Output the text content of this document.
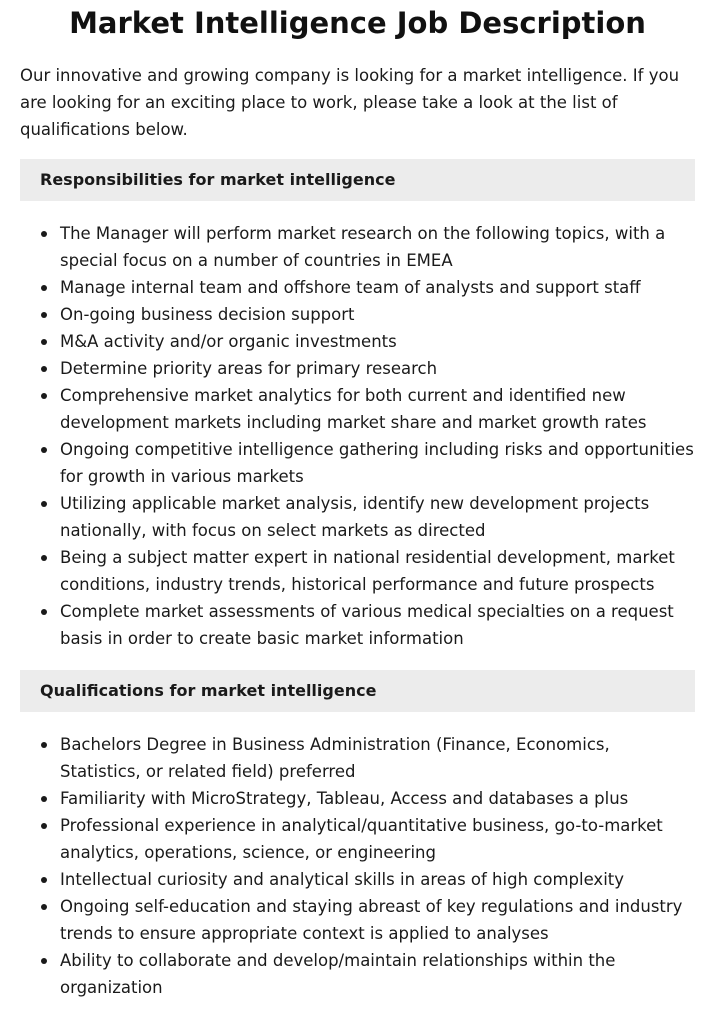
Market Intelligence Job Description

Our innovative and growing company is looking for a market intelligence. If you are looking for an exciting place to work, please take a look at the list of qualifications below.

Responsibilities for market intelligence
The Manager will perform market research on the following topics, with a special focus on a number of countries in EMEA
Manage internal team and offshore team of analysts and support staff
On-going business decision support
M&A activity and/or organic investments
Determine priority areas for primary research
Comprehensive market analytics for both current and identified new development markets including market share and market growth rates
Ongoing competitive intelligence gathering including risks and opportunities for growth in various markets
Utilizing applicable market analysis, identify new development projects nationally, with focus on select markets as directed
Being a subject matter expert in national residential development, market conditions, industry trends, historical performance and future prospects
Complete market assessments of various medical specialties on a request basis in order to create basic market information
Qualifications for market intelligence
Bachelors Degree in Business Administration (Finance, Economics, Statistics, or related field) preferred
Familiarity with MicroStrategy, Tableau, Access and databases a plus
Professional experience in analytical/quantitative business, go-to-market analytics, operations, science, or engineering
Intellectual curiosity and analytical skills in areas of high complexity
Ongoing self-education and staying abreast of key regulations and industry trends to ensure appropriate context is applied to analyses
Ability to collaborate and develop/maintain relationships within the organization
